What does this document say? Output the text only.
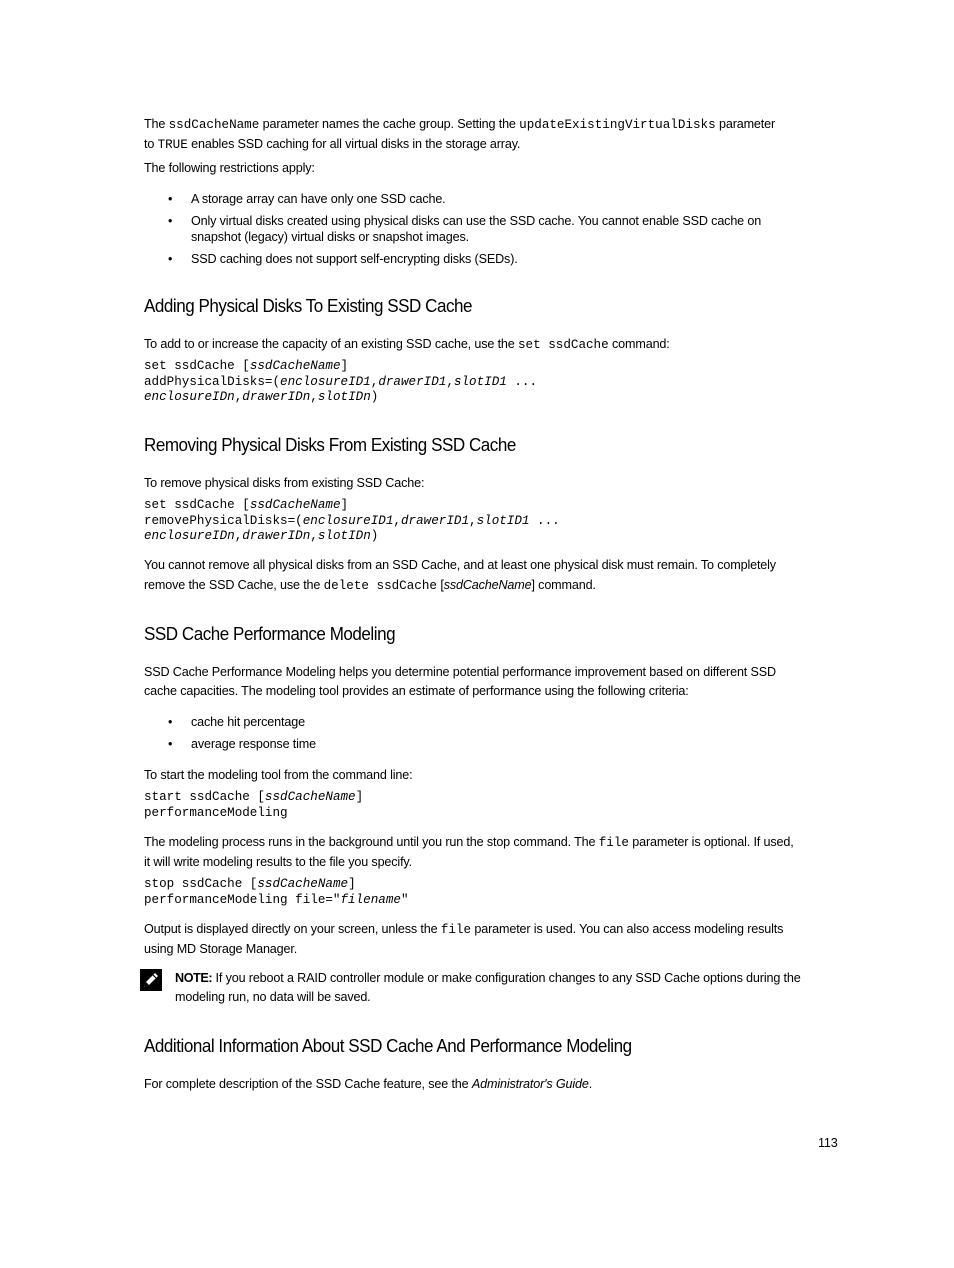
The ssdCacheName parameter names the cache group. Setting the updateExistingVirtualDisks parameter

to TRUE enables SSD caching for all virtual disks in the storage array.

The following restrictions apply:

• A storage array can have only one SSD cache.
• Only virtual disks created using physical disks can use the SSD cache. You cannot enable SSD cache on
snapshot (legacy) virtual disks or snapshot images.
• SSD caching does not support self-encrypting disks (SEDs).
Adding Physical Disks To Existing SSD Cache

To add to or increase the capacity of an existing SSD cache, use the set ssdCache command:

set ssdCache [ssdCacheName]
addPhysicalDisks=(enclosureID1,drawerID1,slotID1 ...
enclosureIDn,drawerIDn,slotIDn)
Removing Physical Disks From Existing SSD Cache

To remove physical disks from existing SSD Cache:

set ssdCache [ssdCacheName]
removePhysicalDisks=(enclosureID1,drawerID1,slotID1 ...
enclosureIDn,drawerIDn,slotIDn)

You cannot remove all physical disks from an SSD Cache, and at least one physical disk must remain. To completely

remove the SSD Cache, use the delete ssdCache [ssdCacheName] command.

SSD Cache Performance Modeling

SSD Cache Performance Modeling helps you determine potential performance improvement based on different SSD

cache capacities. The modeling tool provides an estimate of performance using the following criteria:

• cache hit percentage
• average response time

To start the modeling tool from the command line:

start ssdCache [ssdCacheName]
performanceModeling

The modeling process runs in the background until you run the stop command. The file parameter is optional. If used,

it will write modeling results to the file you specify.

stop ssdCache [ssdCacheName]
performanceModeling file="filename"

Output is displayed directly on your screen, unless the file parameter is used. You can also access modeling results

using MD Storage Manager.

NOTE: If you reboot a RAID controller module or make configuration changes to any SSD Cache options during the

modeling run, no data will be saved.

Additional Information About SSD Cache And Performance Modeling

For complete description of the SSD Cache feature, see the Administrator's Guide.

113
